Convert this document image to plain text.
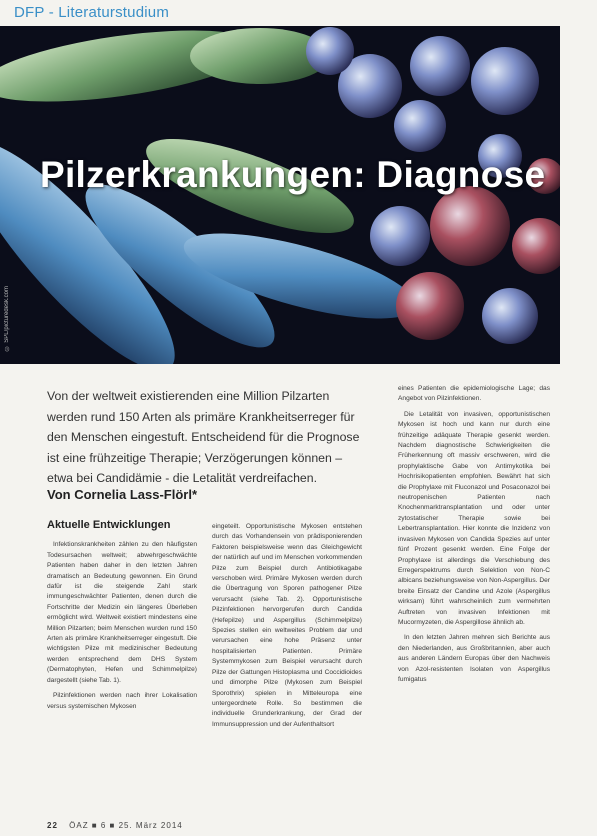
DFP - Literaturstudium
Pilzerkrankungen: Diagnose
© SPL/picturedesk.com
Von der weltweit existierenden eine Million Pilzarten werden rund 150 Arten als primäre Krankheitserreger für den Menschen eingestuft. Entscheidend für die Prognose ist eine frühzeitige Therapie; Verzögerungen können – etwa bei Candidämie - die Letalität verdreifachen.
Von Cornelia Lass-Flörl*
Aktuelle Entwicklungen

Infektionskrankheiten zählen zu den häufigsten Todesursachen weltweit; abwehrgeschwächte Patienten haben daher in den letzten Jahren dramatisch an Bedeutung gewonnen. Ein Grund dafür ist die steigende Zahl stark immungeschwächter Patienten, denen durch die Fortschritte der Medizin ein längeres Überleben ermöglicht wird. Weltweit existiert mindestens eine Million Pilzarten; beim Menschen wurden rund 150 Arten als primäre Krankheitserreger eingestuft. Die wichtigsten Pilze mit medizinischer Bedeutung werden entsprechend dem DHS System (Dermatophyten, Hefen und Schimmelpilze) dargestellt (siehe Tab. 1).

Pilzinfektionen werden nach ihrer Lokalisation versus systemischen Mykosen

eingeteilt. Opportunistische Mykosen entstehen durch das Vorhandensein von prädisponierenden Faktoren beispielsweise wenn das Gleichgewicht der natürlich auf und im Menschen vorkommenden Pilze zum Beispiel durch Antibiotikagabe verschoben wird. Primäre Mykosen werden durch die Übertragung von Sporen pathogener Pilze verursacht (siehe Tab. 2). Opportunistische Pilzinfektionen hervorgerufen durch Candida (Hefepilze) und Aspergillus (Schimmelpilze) Spezies stellen ein weltweites Problem dar und verursachen eine hohe Präsenz unter hospitalisierten Patienten. Primäre Systemmykosen zum Beispiel verursacht durch Pilze der Gattungen Histoplasma und Coccidioides und dimorphe Pilze (Mykosen zum Beispiel Sporothrix) spielen in Mitteleuropa eine untergeordnete Rolle. So bestimmen die individuelle Grunderkrankung, der Grad der Immunsuppression und der Aufenthaltsort

eines Patienten die epidemiologische Lage; das Angebot von Pilzinfektionen.

Die Letalität von invasiven, opportunistischen Mykosen ist hoch und kann nur durch eine frühzeitige adäquate Therapie gesenkt werden. Nachdem diagnostische Schwierigkeiten die Früherkennung oft massiv erschweren, wird die prophylaktische Gabe von Antimykotika bei Hochrisikopatienten empfohlen. Bewährt hat sich die Prophylaxe mit Fluconazol und Posaconazol bei neutropenischen Patienten nach Knochenmarktransplantation und oder unter zytostatischer Therapie sowie bei Lebertransplantation. Hier konnte die Inzidenz von invasiven Mykosen von Candida Spezies auf unter fünf Prozent gesenkt werden. Eine Folge der Prophylaxe ist allerdings die Verschiebung des Erregerspektrums durch Selektion von Non-C albicans beziehungsweise von Non-Aspergillus. Der breite Einsatz der Candine und Azole (Aspergillus wirksam) führt wahrscheinlich zum vermehrten Auftreten von invasiven Infektionen mit Mucormyzeten, die Aspergillose ähnlich ab.

In den letzten Jahren mehren sich Berichte aus den Niederlanden, aus Großbritannien, aber auch aus anderen Ländern Europas über den Nachweis von Azol-resistenten Isolaten von Aspergillus fumigatus

22 ÖAZ ■ 6 ■ 25. März 2014
